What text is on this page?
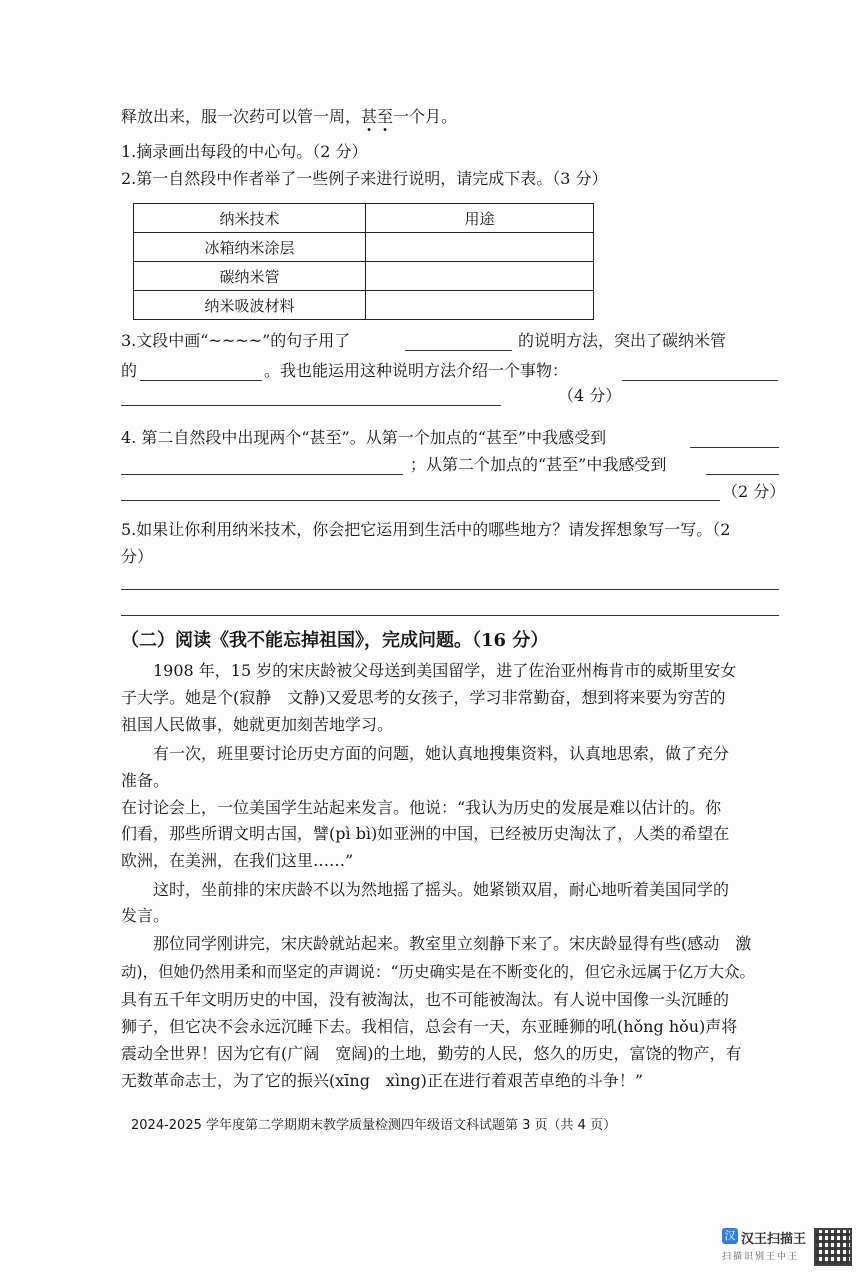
释放出来，服一次药可以管一周，甚至一个月。
1.摘录画出每段的中心句。（2 分）
2.第一自然段中作者举了一些例子来进行说明，请完成下表。（3 分）
纳米技术	用途
冰箱纳米涂层	
碳纳米管	
纳米吸波材料	
3.文段中画“~~~~”的句子用了	的说明方法，突出了碳纳米管
的	。我也能运用这种说明方法介绍一个事物：
（4 分）
4. 第二自然段中出现两个“甚至”。从第一个加点的“甚至”中我感受到
；从第二个加点的“甚至”中我感受到
（2 分）
5.如果让你利用纳米技术，你会把它运用到生活中的哪些地方？请发挥想象写一写。（2
分）
（二）阅读《我不能忘掉祖国》，完成问题。（16 分）
1908 年，15 岁的宋庆龄被父母送到美国留学，进了佐治亚州梅肯市的威斯里安女
子大学。她是个(寂静　文静)又爱思考的女孩子，学习非常勤奋，想到将来要为穷苦的
祖国人民做事，她就更加刻苦地学习。
有一次，班里要讨论历史方面的问题，她认真地搜集资料，认真地思索，做了充分
准备。
在讨论会上，一位美国学生站起来发言。他说：“我认为历史的发展是难以估计的。你
们看，那些所谓文明古国，譬(pì bì)如亚洲的中国，已经被历史淘汰了，人类的希望在
欧洲，在美洲，在我们这里……”
这时，坐前排的宋庆龄不以为然地摇了摇头。她紧锁双眉，耐心地听着美国同学的
发言。
那位同学刚讲完，宋庆龄就站起来。教室里立刻静下来了。宋庆龄显得有些(感动　激
动)，但她仍然用柔和而坚定的声调说：“历史确实是在不断变化的，但它永远属于亿万大众。
具有五千年文明历史的中国，没有被淘汰，也不可能被淘汰。有人说中国像一头沉睡的
狮子，但它决不会永远沉睡下去。我相信，总会有一天，东亚睡狮的吼(hǒng hǒu)声将
震动全世界！因为它有(广阔　宽阔)的土地，勤劳的人民，悠久的历史，富饶的物产，有
无数革命志士，为了它的振兴(xīng　xìng)正在进行着艰苦卓绝的斗争！”
2024-2025 学年度第二学期期末教学质量检测四年级语文科试题第 3 页（共 4 页）
汉 汉王扫描王
扫描识别王中王
